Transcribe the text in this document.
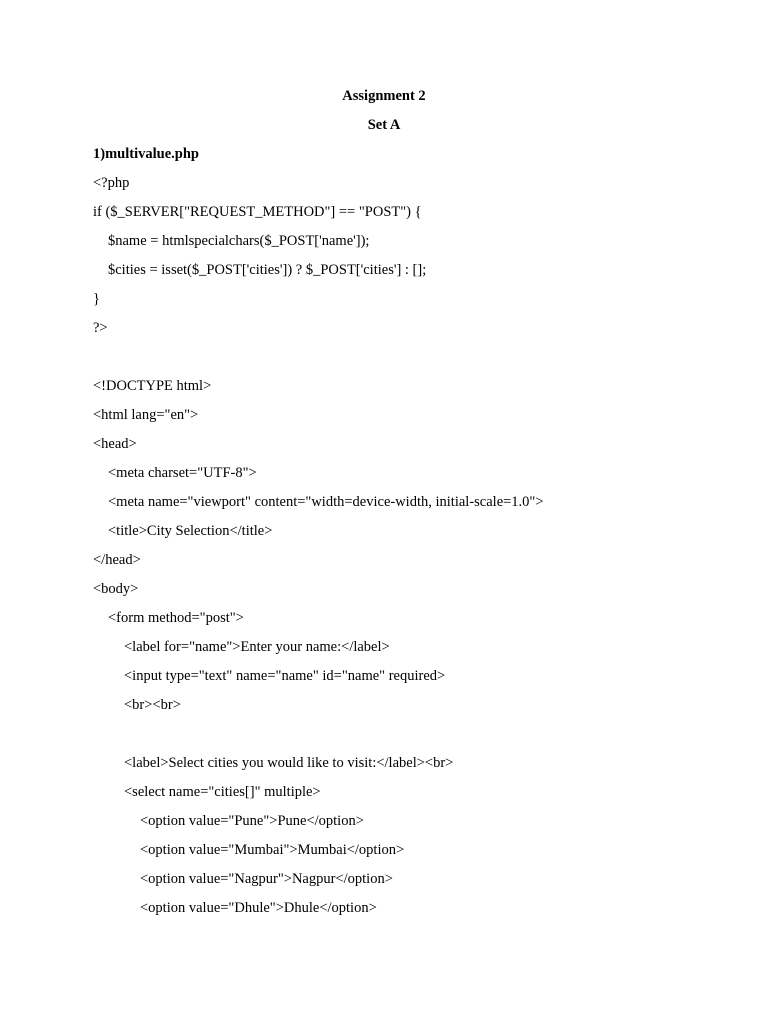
Assignment 2
Set A
1)multivalue.php
<?php
if ($_SERVER["REQUEST_METHOD"] == "POST") {
$name = htmlspecialchars($_POST['name']);
$cities = isset($_POST['cities']) ? $_POST['cities'] : [];
}
?>
<!DOCTYPE html>
<html lang="en">
<head>
<meta charset="UTF-8">
<meta name="viewport" content="width=device-width, initial-scale=1.0">
<title>City Selection</title>
</head>
<body>
<form method="post">
<label for="name">Enter your name:</label>
<input type="text" name="name" id="name" required>
<br><br>
<label>Select cities you would like to visit:</label><br>
<select name="cities[]" multiple>
<option value="Pune">Pune</option>
<option value="Mumbai">Mumbai</option>
<option value="Nagpur">Nagpur</option>
<option value="Dhule">Dhule</option>
